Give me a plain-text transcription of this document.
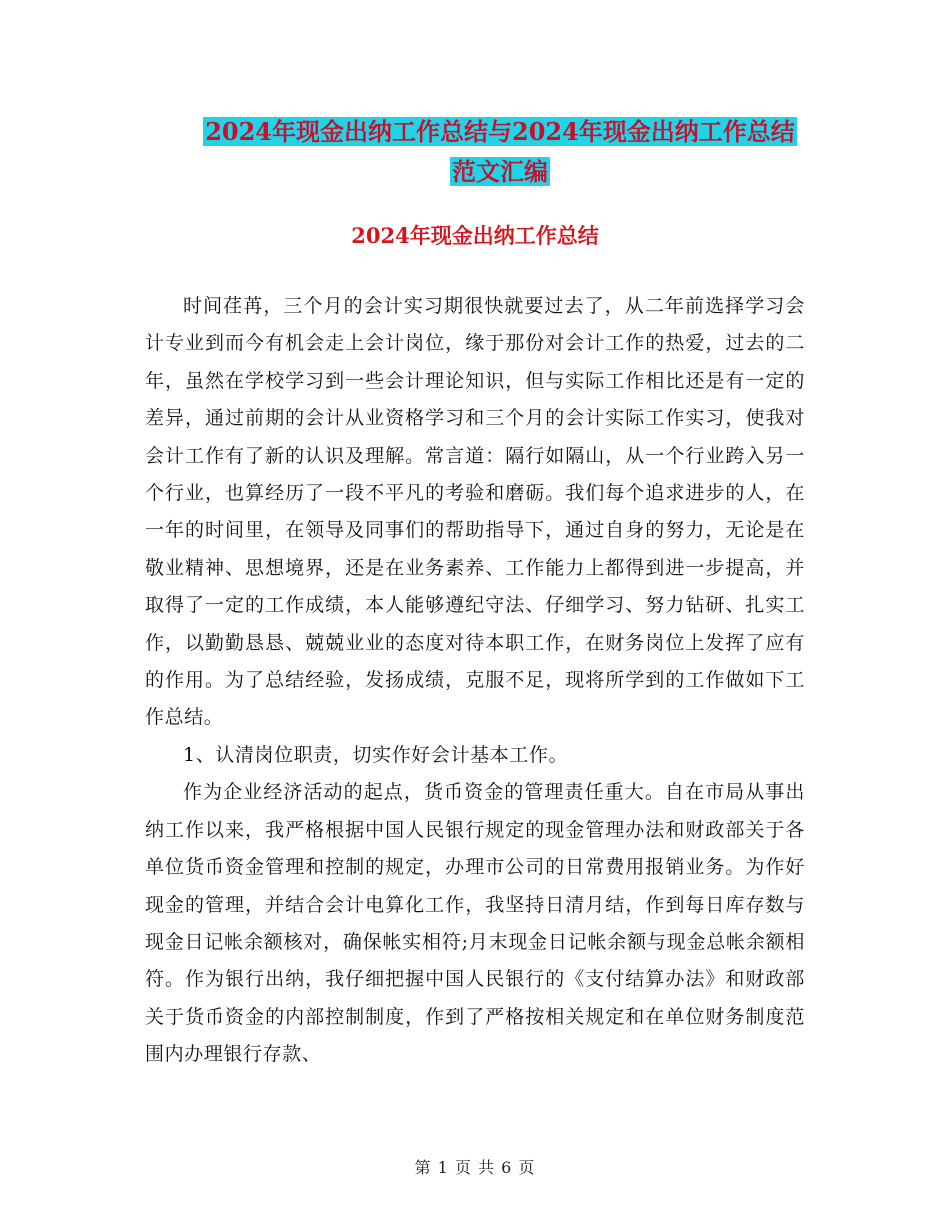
2024年现金出纳工作总结与2024年现金出纳工作总结
范文汇编
2024年现金出纳工作总结

时间荏苒，三个月的会计实习期很快就要过去了，从二年前选择学习会计专业到而今有机会走上会计岗位，缘于那份对会计工作的热爱，过去的二年，虽然在学校学习到一些会计理论知识，但与实际工作相比还是有一定的差异，通过前期的会计从业资格学习和三个月的会计实际工作实习，使我对会计工作有了新的认识及理解。常言道：隔行如隔山，从一个行业跨入另一个行业，也算经历了一段不平凡的考验和磨砺。我们每个追求进步的人，在一年的时间里，在领导及同事们的帮助指导下，通过自身的努力，无论是在敬业精神、思想境界，还是在业务素养、工作能力上都得到进一步提高，并取得了一定的工作成绩，本人能够遵纪守法、仔细学习、努力钻研、扎实工作，以勤勤恳恳、兢兢业业的态度对待本职工作，在财务岗位上发挥了应有的作用。为了总结经验，发扬成绩，克服不足，现将所学到的工作做如下工作总结。

1、认清岗位职责，切实作好会计基本工作。

作为企业经济活动的起点，货币资金的管理责任重大。自在市局从事出纳工作以来，我严格根据中国人民银行规定的现金管理办法和财政部关于各单位货币资金管理和控制的规定，办理市公司的日常费用报销业务。为作好现金的管理，并结合会计电算化工作，我坚持日清月结，作到每日库存数与现金日记帐余额核对，确保帐实相符;月末现金日记帐余额与现金总帐余额相符。作为银行出纳，我仔细把握中国人民银行的《支付结算办法》和财政部关于货币资金的内部控制制度，作到了严格按相关规定和在单位财务制度范围内办理银行存款、

第 1 页 共 6 页
